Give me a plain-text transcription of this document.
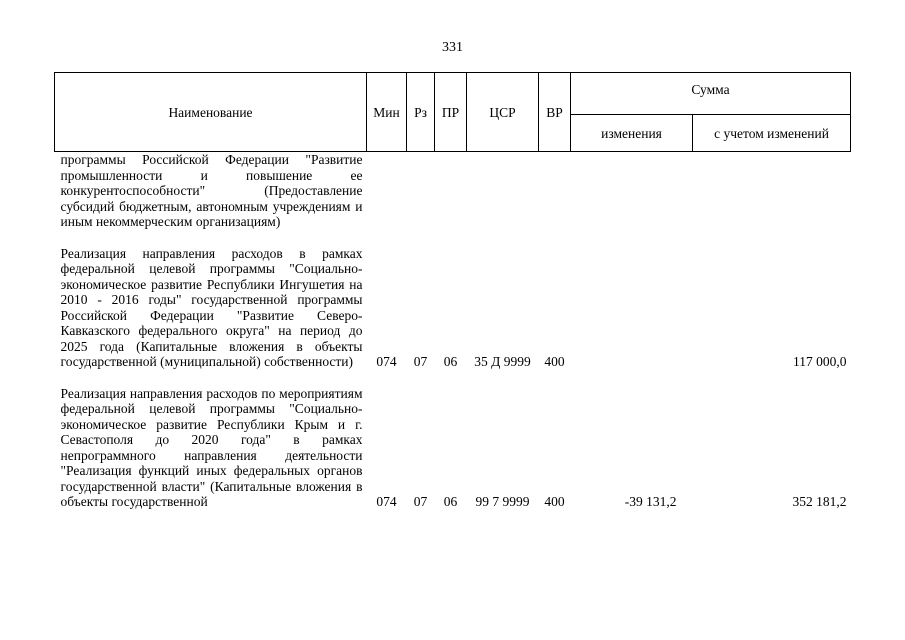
331
Наименование	Мин	Рз	ПР	ЦСР	ВР	Сумма	
						изменения	с учетом изменений
программы Российской Федерации "Развитие промышленности и повышение ее конкурентоспособности" (Предоставление субсидий бюджетным, автономным учреждениям и иным некоммерческим организациям)							

Реализация направления расходов в рамках федеральной целевой программы "Социально-экономическое развитие Республики Ингушетия на 2010 - 2016 годы" государственной программы Российской Федерации "Развитие Северо-Кавказского федерального округа" на период до 2025 года (Капитальные вложения в объекты государственной (муниципальной) собственности)	074	07	06	35 Д 9999	400		117 000,0

Реализация направления расходов по мероприятиям федеральной целевой программы "Социально-экономическое развитие Республики Крым и г. Севастополя до 2020 года" в рамках непрограммного направления деятельности "Реализация функций иных федеральных органов государственной власти" (Капитальные вложения в объекты государственной	074	07	06	99 7 9999	400	-39 131,2	352 181,2
